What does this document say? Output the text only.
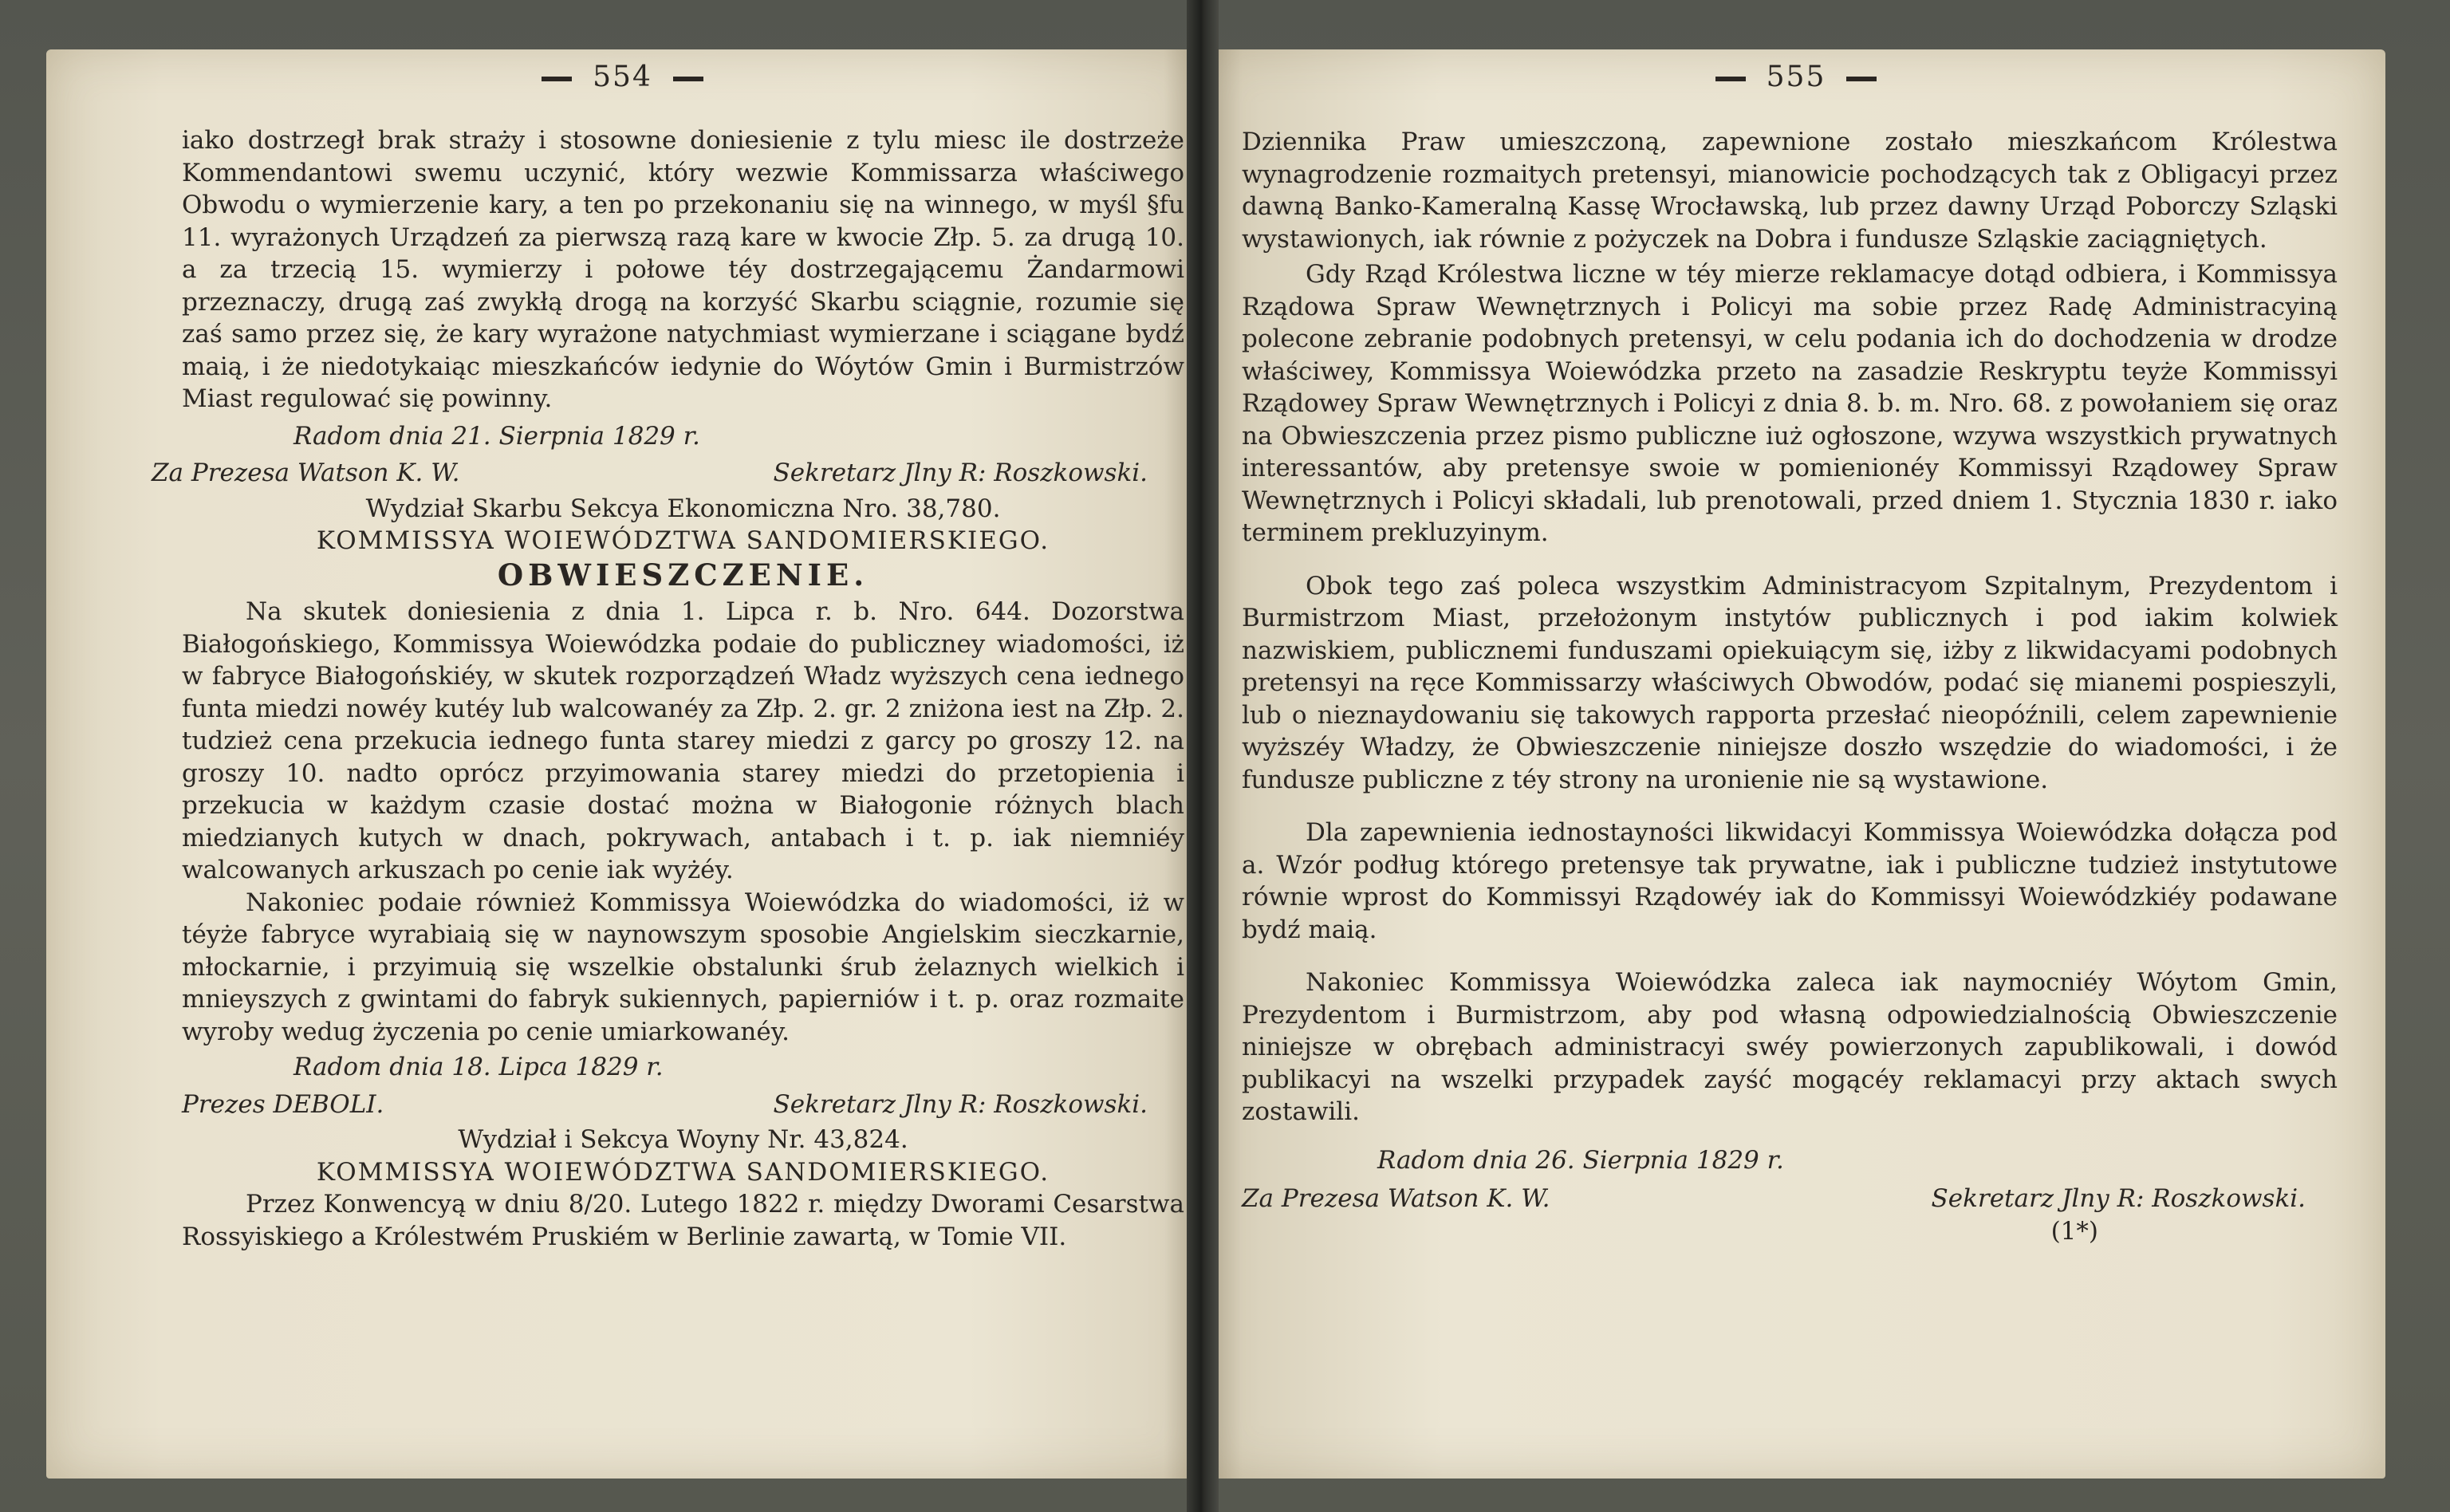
554

iako dostrzegł brak straży i stosowne doniesienie z tylu miesc ile dostrzeże Kommendantowi swemu uczynić, który wezwie Kommissarza właściwego Obwodu o wymierzenie kary, a ten po przekonaniu się na winnego, w myśl §fu 11. wyrażonych Urządzeń za pierwszą razą kare w kwocie Złp. 5. za drugą 10. a za trzecią 15. wymierzy i połowe téy dostrzegającemu Żandarmowi przeznaczy, drugą zaś zwykłą drogą na korzyść Skarbu sciągnie, rozumie się zaś samo przez się, że kary wyrażone natychmiast wymierzane i sciągane bydź maią, i że niedotykaiąc mieszkańców iedynie do Wóytów Gmin i Burmistrzów Miast regulować się powinny.

Radom dnia 21. Sierpnia 1829 r.

Za Prezesa Watson K. W.	Sekretarz Jlny R: Roszkowski.

Wydział Skarbu Sekcya Ekonomiczna Nro. 38,780.

KOMMISSYA WOIEWÓDZTWA SANDOMIERSKIEGO.

OBWIESZCZENIE.

Na skutek doniesienia z dnia 1. Lipca r. b. Nro. 644. Dozorstwa Białogońskiego, Kommissya Woiewódzka podaie do publiczney wiadomości, iż w fabryce Białogońskiéy, w skutek rozporządzeń Władz wyższych cena iednego funta miedzi nowéy kutéy lub walcowanéy za Złp. 2. gr. 2 zniżona iest na Złp. 2. tudzież cena przekucia iednego funta starey miedzi z garcy po groszy 12. na groszy 10. nadto oprócz przyimowania starey miedzi do przetopienia i przekucia w każdym czasie dostać można w Białogonie różnych blach miedzianych kutych w dnach, pokrywach, antabach i t. p. iak niemniéy walcowanych arkuszach po cenie iak wyżéy.

Nakoniec podaie również Kommissya Woiewódzka do wiadomości, iż w téyże fabryce wyrabiaią się w naynowszym sposobie Angielskim sieczkarnie, młockarnie, i przyimuią się wszelkie obstalunki śrub żelaznych wielkich i mnieyszych z gwintami do fabryk sukiennych, papierniów i t. p. oraz rozmaite wyroby wedug życzenia po cenie umiarkowanéy.

Radom dnia 18. Lipca 1829 r.

Prezes DEBOLI.	Sekretarz Jlny R: Roszkowski.

Wydział i Sekcya Woyny Nr. 43,824.

KOMMISSYA WOIEWÓDZTWA SANDOMIERSKIEGO.

Przez Konwencyą w dniu 8/20. Lutego 1822 r. między Dworami Cesarstwa Rossyiskiego a Królestwém Pruskiém w Berlinie zawartą, w Tomie VII.

555

Dziennika Praw umieszczoną, zapewnione zostało mieszkańcom Królestwa wynagrodzenie rozmaitych pretensyi, mianowicie pochodzących tak z Obligacyi przez dawną Banko-Kameralną Kassę Wrocławską, lub przez dawny Urząd Poborczy Szląski wystawionych, iak równie z pożyczek na Dobra i fundusze Szląskie zaciągniętych.

Gdy Rząd Królestwa liczne w téy mierze reklamacye dotąd odbiera, i Kommissya Rządowa Spraw Wewnętrznych i Policyi ma sobie przez Radę Administracyiną polecone zebranie podobnych pretensyi, w celu podania ich do dochodzenia w drodze właściwey, Kommissya Woiewódzka przeto na zasadzie Reskryptu teyże Kommissyi Rządowey Spraw Wewnętrznych i Policyi z dnia 8. b. m. Nro. 68. z powołaniem się oraz na Obwieszczenia przez pismo publiczne iuż ogłoszone, wzywa wszystkich prywatnych interessantów, aby pretensye swoie w pomienionéy Kommissyi Rządowey Spraw Wewnętrznych i Policyi składali, lub prenotowali, przed dniem 1. Stycznia 1830 r. iako terminem prekluzyinym.

Obok tego zaś poleca wszystkim Administracyom Szpitalnym, Prezydentom i Burmistrzom Miast, przełożonym instytów publicznych i pod iakim kolwiek nazwiskiem, publicznemi funduszami opiekuiącym się, iżby z likwidacyami podobnych pretensyi na ręce Kommissarzy właściwych Obwodów, podać się mianemi pospieszyli, lub o nieznaydowaniu się takowych rapporta przesłać nieopóźnili, celem zapewnienie wyższéy Władzy, że Obwieszczenie niniejsze doszło wszędzie do wiadomości, i że fundusze publiczne z téy strony na uronienie nie są wystawione.

Dla zapewnienia iednostayności likwidacyi Kommissya Woiewódzka dołącza pod a. Wzór podług którego pretensye tak prywatne, iak i publiczne tudzież instytutowe równie wprost do Kommissyi Rządowéy iak do Kommissyi Woiewódzkiéy podawane bydź maią.

Nakoniec Kommissya Woiewódzka zaleca iak naymocniéy Wóytom Gmin, Prezydentom i Burmistrzom, aby pod własną odpowiedzialnością Obwieszczenie niniejsze w obrębach administracyi swéy powierzonych zapublikowali, i dowód publikacyi na wszelki przypadek zayść mogącéy reklamacyi przy aktach swych zostawili.

Radom dnia 26. Sierpnia 1829 r.

Za Prezesa Watson K. W.	Sekretarz Jlny R: Roszkowski.

(1*)
